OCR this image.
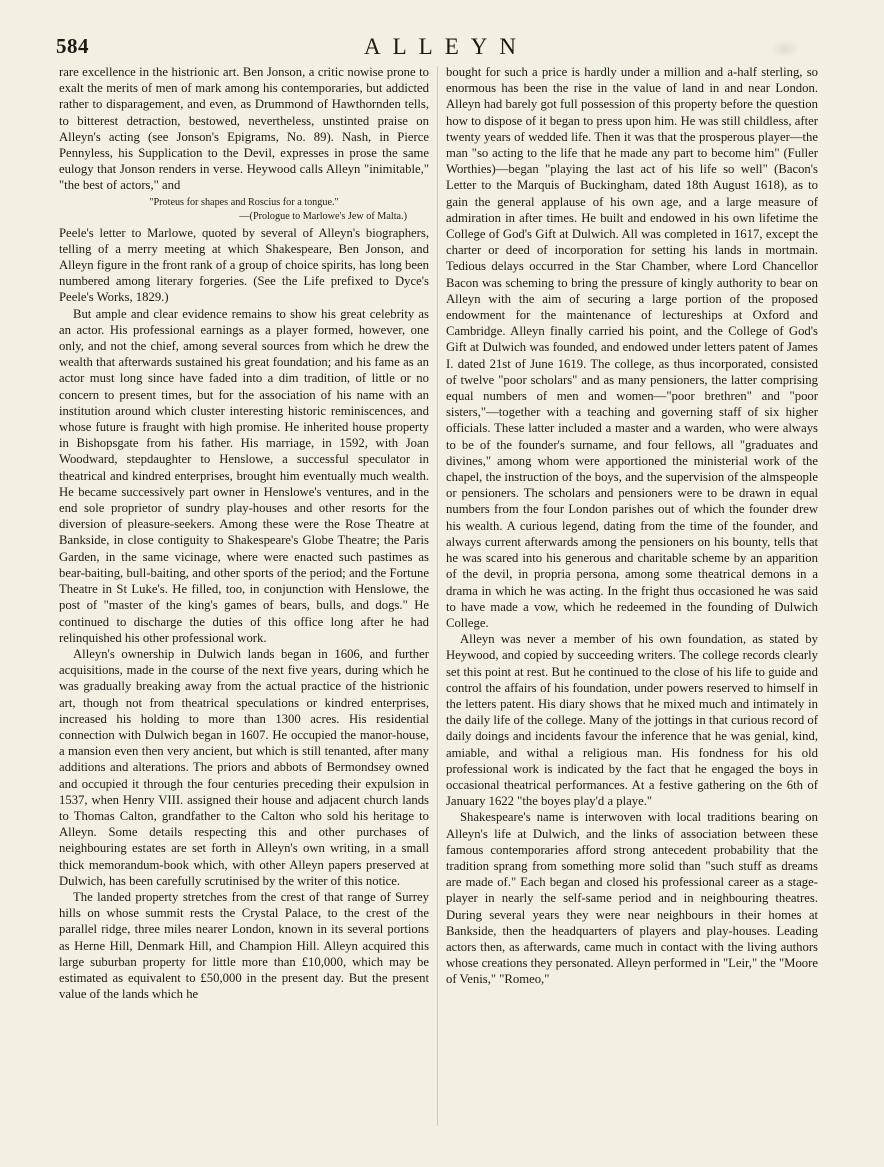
584	ALLEYN

rare excellence in the histrionic art. Ben Jonson, a critic nowise prone to exalt the merits of men of mark among his contemporaries, but addicted rather to disparagement, and even, as Drummond of Hawthornden tells, to bitterest detraction, bestowed, nevertheless, unstinted praise on Alleyn's acting (see Jonson's Epigrams, No. 89). Nash, in Pierce Pennyless, his Supplication to the Devil, expresses in prose the same eulogy that Jonson renders in verse. Heywood calls Alleyn "inimitable," "the best of actors," and

"Proteus for shapes and Roscius for a tongue."
—(Prologue to Marlowe's Jew of Malta.)

Peele's letter to Marlowe, quoted by several of Alleyn's biographers, telling of a merry meeting at which Shakespeare, Ben Jonson, and Alleyn figure in the front rank of a group of choice spirits, has long been numbered among literary forgeries. (See the Life prefixed to Dyce's Peele's Works, 1829.)

But ample and clear evidence remains to show his great celebrity as an actor. His professional earnings as a player formed, however, one only, and not the chief, among several sources from which he drew the wealth that afterwards sustained his great foundation; and his fame as an actor must long since have faded into a dim tradition, of little or no concern to present times, but for the association of his name with an institution around which cluster interesting historic reminiscences, and whose future is fraught with high promise. He inherited house property in Bishopsgate from his father. His marriage, in 1592, with Joan Woodward, stepdaughter to Henslowe, a successful speculator in theatrical and kindred enterprises, brought him eventually much wealth. He became successively part owner in Henslowe's ventures, and in the end sole proprietor of sundry play-houses and other resorts for the diversion of pleasure-seekers. Among these were the Rose Theatre at Bankside, in close contiguity to Shakespeare's Globe Theatre; the Paris Garden, in the same vicinage, where were enacted such pastimes as bear-baiting, bull-baiting, and other sports of the period; and the Fortune Theatre in St Luke's. He filled, too, in conjunction with Henslowe, the post of "master of the king's games of bears, bulls, and dogs." He continued to discharge the duties of this office long after he had relinquished his other professional work.

Alleyn's ownership in Dulwich lands began in 1606, and further acquisitions, made in the course of the next five years, during which he was gradually breaking away from the actual practice of the histrionic art, though not from theatrical speculations or kindred enterprises, increased his holding to more than 1300 acres. His residential connection with Dulwich began in 1607. He occupied the manor-house, a mansion even then very ancient, but which is still tenanted, after many additions and alterations. The priors and abbots of Bermondsey owned and occupied it through the four centuries preceding their expulsion in 1537, when Henry VIII. assigned their house and adjacent church lands to Thomas Calton, grandfather to the Calton who sold his heritage to Alleyn. Some details respecting this and other purchases of neighbouring estates are set forth in Alleyn's own writing, in a small thick memorandum-book which, with other Alleyn papers preserved at Dulwich, has been carefully scrutinised by the writer of this notice.

The landed property stretches from the crest of that range of Surrey hills on whose summit rests the Crystal Palace, to the crest of the parallel ridge, three miles nearer London, known in its several portions as Herne Hill, Denmark Hill, and Champion Hill. Alleyn acquired this large suburban property for little more than £10,000, which may be estimated as equivalent to £50,000 in the present day. But the present value of the lands which he

bought for such a price is hardly under a million and a-half sterling, so enormous has been the rise in the value of land in and near London. Alleyn had barely got full possession of this property before the question how to dispose of it began to press upon him. He was still childless, after twenty years of wedded life. Then it was that the prosperous player—the man "so acting to the life that he made any part to become him" (Fuller Worthies)—began "playing the last act of his life so well" (Bacon's Letter to the Marquis of Buckingham, dated 18th August 1618), as to gain the general applause of his own age, and a large measure of admiration in after times. He built and endowed in his own lifetime the College of God's Gift at Dulwich. All was completed in 1617, except the charter or deed of incorporation for setting his lands in mortmain. Tedious delays occurred in the Star Chamber, where Lord Chancellor Bacon was scheming to bring the pressure of kingly authority to bear on Alleyn with the aim of securing a large portion of the proposed endowment for the maintenance of lectureships at Oxford and Cambridge. Alleyn finally carried his point, and the College of God's Gift at Dulwich was founded, and endowed under letters patent of James I. dated 21st of June 1619. The college, as thus incorporated, consisted of twelve "poor scholars" and as many pensioners, the latter comprising equal numbers of men and women—"poor brethren" and "poor sisters,"—together with a teaching and governing staff of six higher officials. These latter included a master and a warden, who were always to be of the founder's surname, and four fellows, all "graduates and divines," among whom were apportioned the ministerial work of the chapel, the instruction of the boys, and the supervision of the almspeople or pensioners. The scholars and pensioners were to be drawn in equal numbers from the four London parishes out of which the founder drew his wealth. A curious legend, dating from the time of the founder, and always current afterwards among the pensioners on his bounty, tells that he was scared into his generous and charitable scheme by an apparition of the devil, in propria persona, among some theatrical demons in a drama in which he was acting. In the fright thus occasioned he was said to have made a vow, which he redeemed in the founding of Dulwich College.

Alleyn was never a member of his own foundation, as stated by Heywood, and copied by succeeding writers. The college records clearly set this point at rest. But he continued to the close of his life to guide and control the affairs of his foundation, under powers reserved to himself in the letters patent. His diary shows that he mixed much and intimately in the daily life of the college. Many of the jottings in that curious record of daily doings and incidents favour the inference that he was genial, kind, amiable, and withal a religious man. His fondness for his old professional work is indicated by the fact that he engaged the boys in occasional theatrical performances. At a festive gathering on the 6th of January 1622 "the boyes play'd a playe."

Shakespeare's name is interwoven with local traditions bearing on Alleyn's life at Dulwich, and the links of association between these famous contemporaries afford strong antecedent probability that the tradition sprang from something more solid than "such stuff as dreams are made of." Each began and closed his professional career as a stage-player in nearly the self-same period and in neighbouring theatres. During several years they were near neighbours in their homes at Bankside, then the headquarters of players and play-houses. Leading actors then, as afterwards, came much in contact with the living authors whose creations they personated. Alleyn performed in "Leir," the "Moore of Venis," "Romeo,"
